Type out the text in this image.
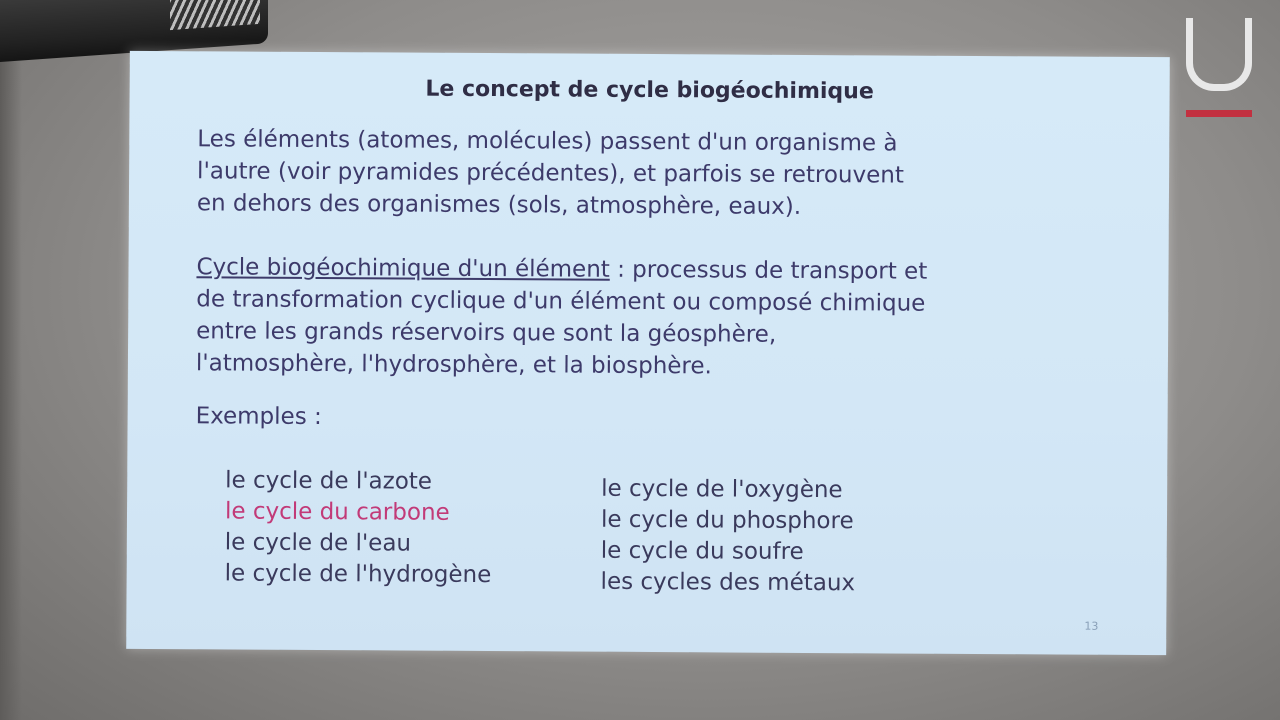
Le concept de cycle biogéochimique
Les éléments (atomes, molécules) passent d'un organisme à
l'autre (voir pyramides précédentes), et parfois se retrouvent
en dehors des organismes (sols, atmosphère, eaux).
Cycle biogéochimique d'un élément : processus de transport et
de transformation cyclique d'un élément ou composé chimique
entre les grands réservoirs que sont la géosphère,
l'atmosphère, l'hydrosphère, et la biosphère.
Exemples :
le cycle de l'azote
le cycle du carbone
le cycle de l'eau
le cycle de l'hydrogène
le cycle de l'oxygène
le cycle du phosphore
le cycle du soufre
les cycles des métaux
13
